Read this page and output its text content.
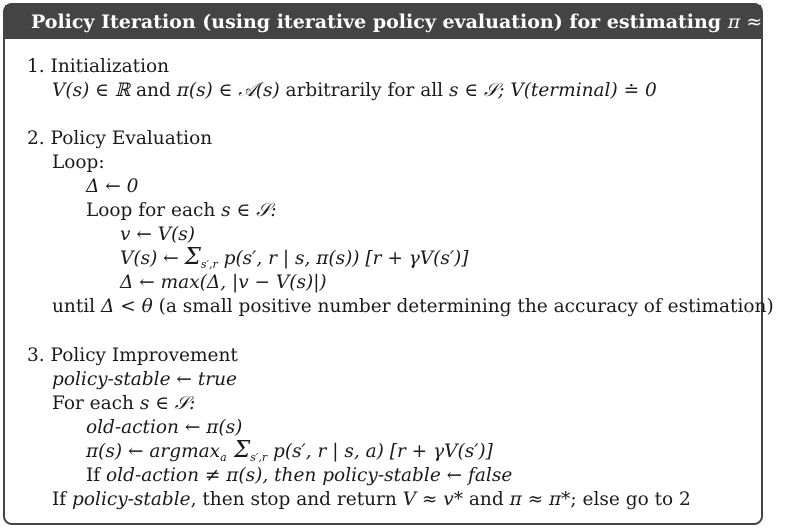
Policy Iteration (using iterative policy evaluation) for estimating π ≈ π*
1. Initialization
V(s) ∈ ℝ and π(s) ∈ 𝒜(s) arbitrarily for all s ∈ 𝒮; V(terminal) ≐ 0
2. Policy Evaluation
Loop:
Δ ← 0
Loop for each s ∈ 𝒮:
v ← V(s)
V(s) ← $\Sigma_{s',r}$ p(s′, r | s, π(s)) [r + γV(s′)]
Δ ← max(Δ, |v − V(s)|)
until Δ < θ (a small positive number determining the accuracy of estimation)
3. Policy Improvement
policy-stable ← true
For each s ∈ 𝒮:
old-action ← π(s)
π(s) ← argmax$_a$ $\Sigma_{s',r}$ p(s′, r | s, a) [r + γV(s′)]
If old-action ≠ π(s), then policy-stable ← false
If policy-stable, then stop and return V ≈ v* and π ≈ π*; else go to 2
